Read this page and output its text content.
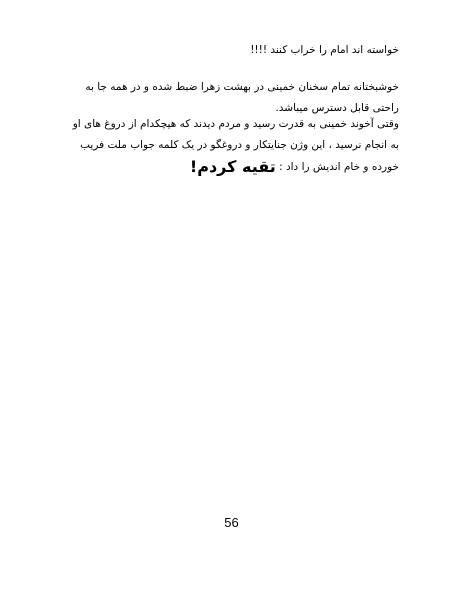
خواسته اند امام را خراب کنند !!!!

خوشبختانه تمام سخنان خمینی در بهشت زهرا ضبط شده و در همه جا به راحتی قابل دسترس میباشد.

وقتی آخوند خمینی به قدرت رسید و مردم دیدند که هیچکدام از دروغ های او به انجام نرسید ، این وژن جنایتکار و دروغگو در یک کلمه جواب ملت فریب خورده و خام اندیش را داد : تقیه کردم!

56
